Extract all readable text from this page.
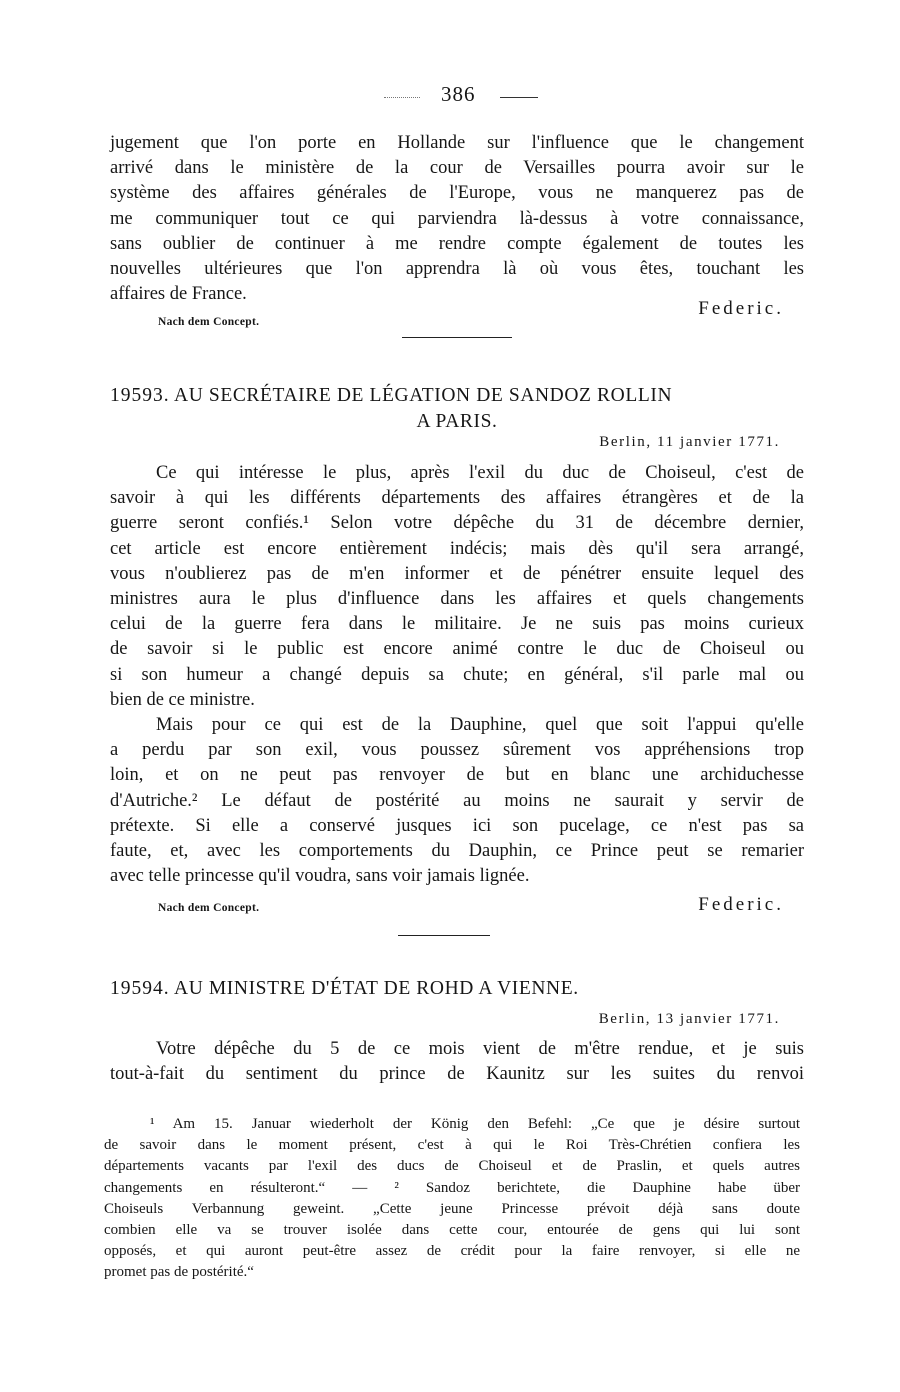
386

jugement que l'on porte en Hollande sur l'influence que le changement

arrivé dans le ministère de la cour de Versailles pourra avoir sur le

système des affaires générales de l'Europe, vous ne manquerez pas de

me communiquer tout ce qui parviendra là-dessus à votre connaissance,

sans oublier de continuer à me rendre compte également de toutes les

nouvelles ultérieures que l'on apprendra là où vous êtes, touchant les

affaires de France.

Nach dem Concept.
Federic.
19593. AU SECRÉTAIRE DE LÉGATION DE SANDOZ ROLLIN
A PARIS.
Berlin, 11 janvier 1771.

Ce qui intéresse le plus, après l'exil du duc de Choiseul, c'est de

savoir à qui les différents départements des affaires étrangères et de la

guerre seront confiés.¹ Selon votre dépêche du 31 de décembre dernier,

cet article est encore entièrement indécis; mais dès qu'il sera arrangé,

vous n'oublierez pas de m'en informer et de pénétrer ensuite lequel des

ministres aura le plus d'influence dans les affaires et quels changements

celui de la guerre fera dans le militaire. Je ne suis pas moins curieux

de savoir si le public est encore animé contre le duc de Choiseul ou

si son humeur a changé depuis sa chute; en général, s'il parle mal ou

bien de ce ministre.

Mais pour ce qui est de la Dauphine, quel que soit l'appui qu'elle

a perdu par son exil, vous poussez sûrement vos appréhensions trop

loin, et on ne peut pas renvoyer de but en blanc une archiduchesse

d'Autriche.² Le défaut de postérité au moins ne saurait y servir de

prétexte. Si elle a conservé jusques ici son pucelage, ce n'est pas sa

faute, et, avec les comportements du Dauphin, ce Prince peut se remarier

avec telle princesse qu'il voudra, sans voir jamais lignée.

Nach dem Concept.	Federic.
19594. AU MINISTRE D'ÉTAT DE ROHD A VIENNE.
Berlin, 13 janvier 1771.

Votre dépêche du 5 de ce mois vient de m'être rendue, et je suis

tout-à-fait du sentiment du prince de Kaunitz sur les suites du renvoi

¹ Am 15. Januar wiederholt der König den Befehl: „Ce que je désire surtout

de savoir dans le moment présent, c'est à qui le Roi Très-Chrétien confiera les

départements vacants par l'exil des ducs de Choiseul et de Praslin, et quels autres

changements en résulteront.“ — ² Sandoz berichtete, die Dauphine habe über

Choiseuls Verbannung geweint. „Cette jeune Princesse prévoit déjà sans doute

combien elle va se trouver isolée dans cette cour, entourée de gens qui lui sont

opposés, et qui auront peut-être assez de crédit pour la faire renvoyer, si elle ne

promet pas de postérité.“
